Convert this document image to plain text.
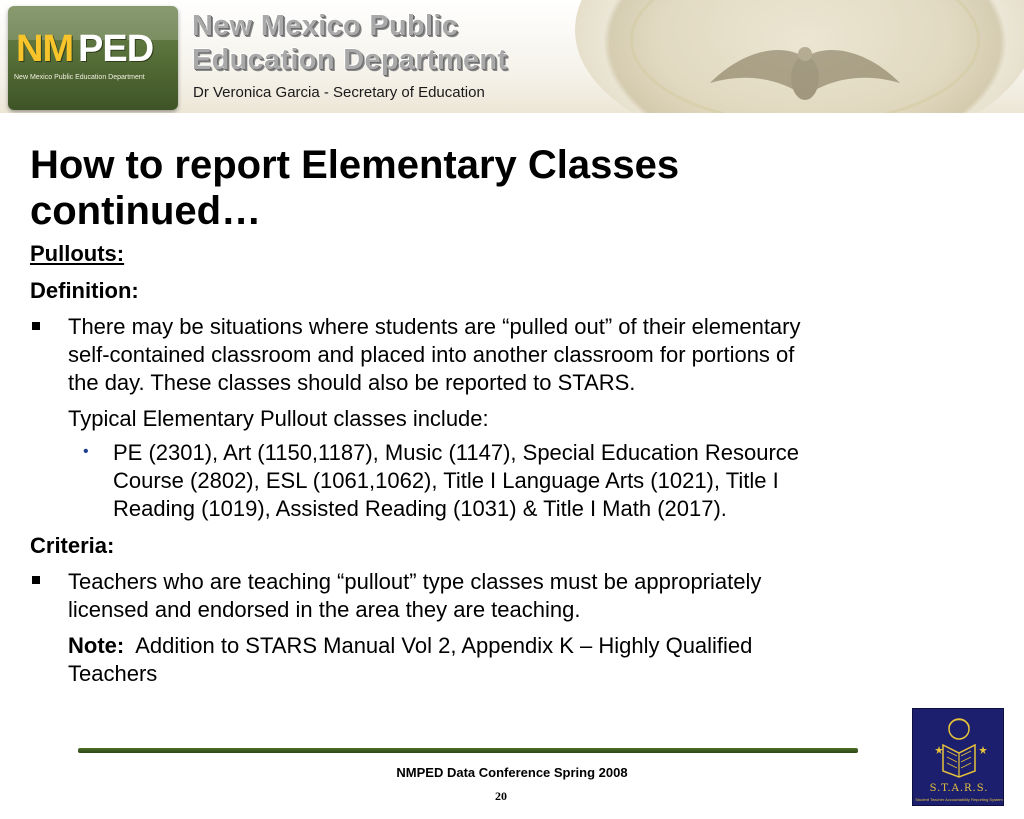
NM PED
New Mexico Public Education Department
New Mexico Public
Education Department
Dr Veronica Garcia - Secretary of Education
How to report Elementary Classes
continued…
Pullouts:
Definition:
There may be situations where students are “pulled out” of their elementary
self-contained classroom and placed into another classroom for portions of
the day. These classes should also be reported to STARS.
Typical Elementary Pullout classes include:
• PE (2301), Art (1150,1187), Music (1147), Special Education Resource
Course (2802), ESL (1061,1062), Title I Language Arts (1021), Title I
Reading (1019), Assisted Reading (1031) & Title I Math (2017).
Criteria:
Teachers who are teaching “pullout” type classes must be appropriately
licensed and endorsed in the area they are teaching.
Note: Addition to STARS Manual Vol 2, Appendix K – Highly Qualified
Teachers
NMPED Data Conference Spring 2008
20
S.T.A.R.S.
Student Teacher Accountability Reporting System
